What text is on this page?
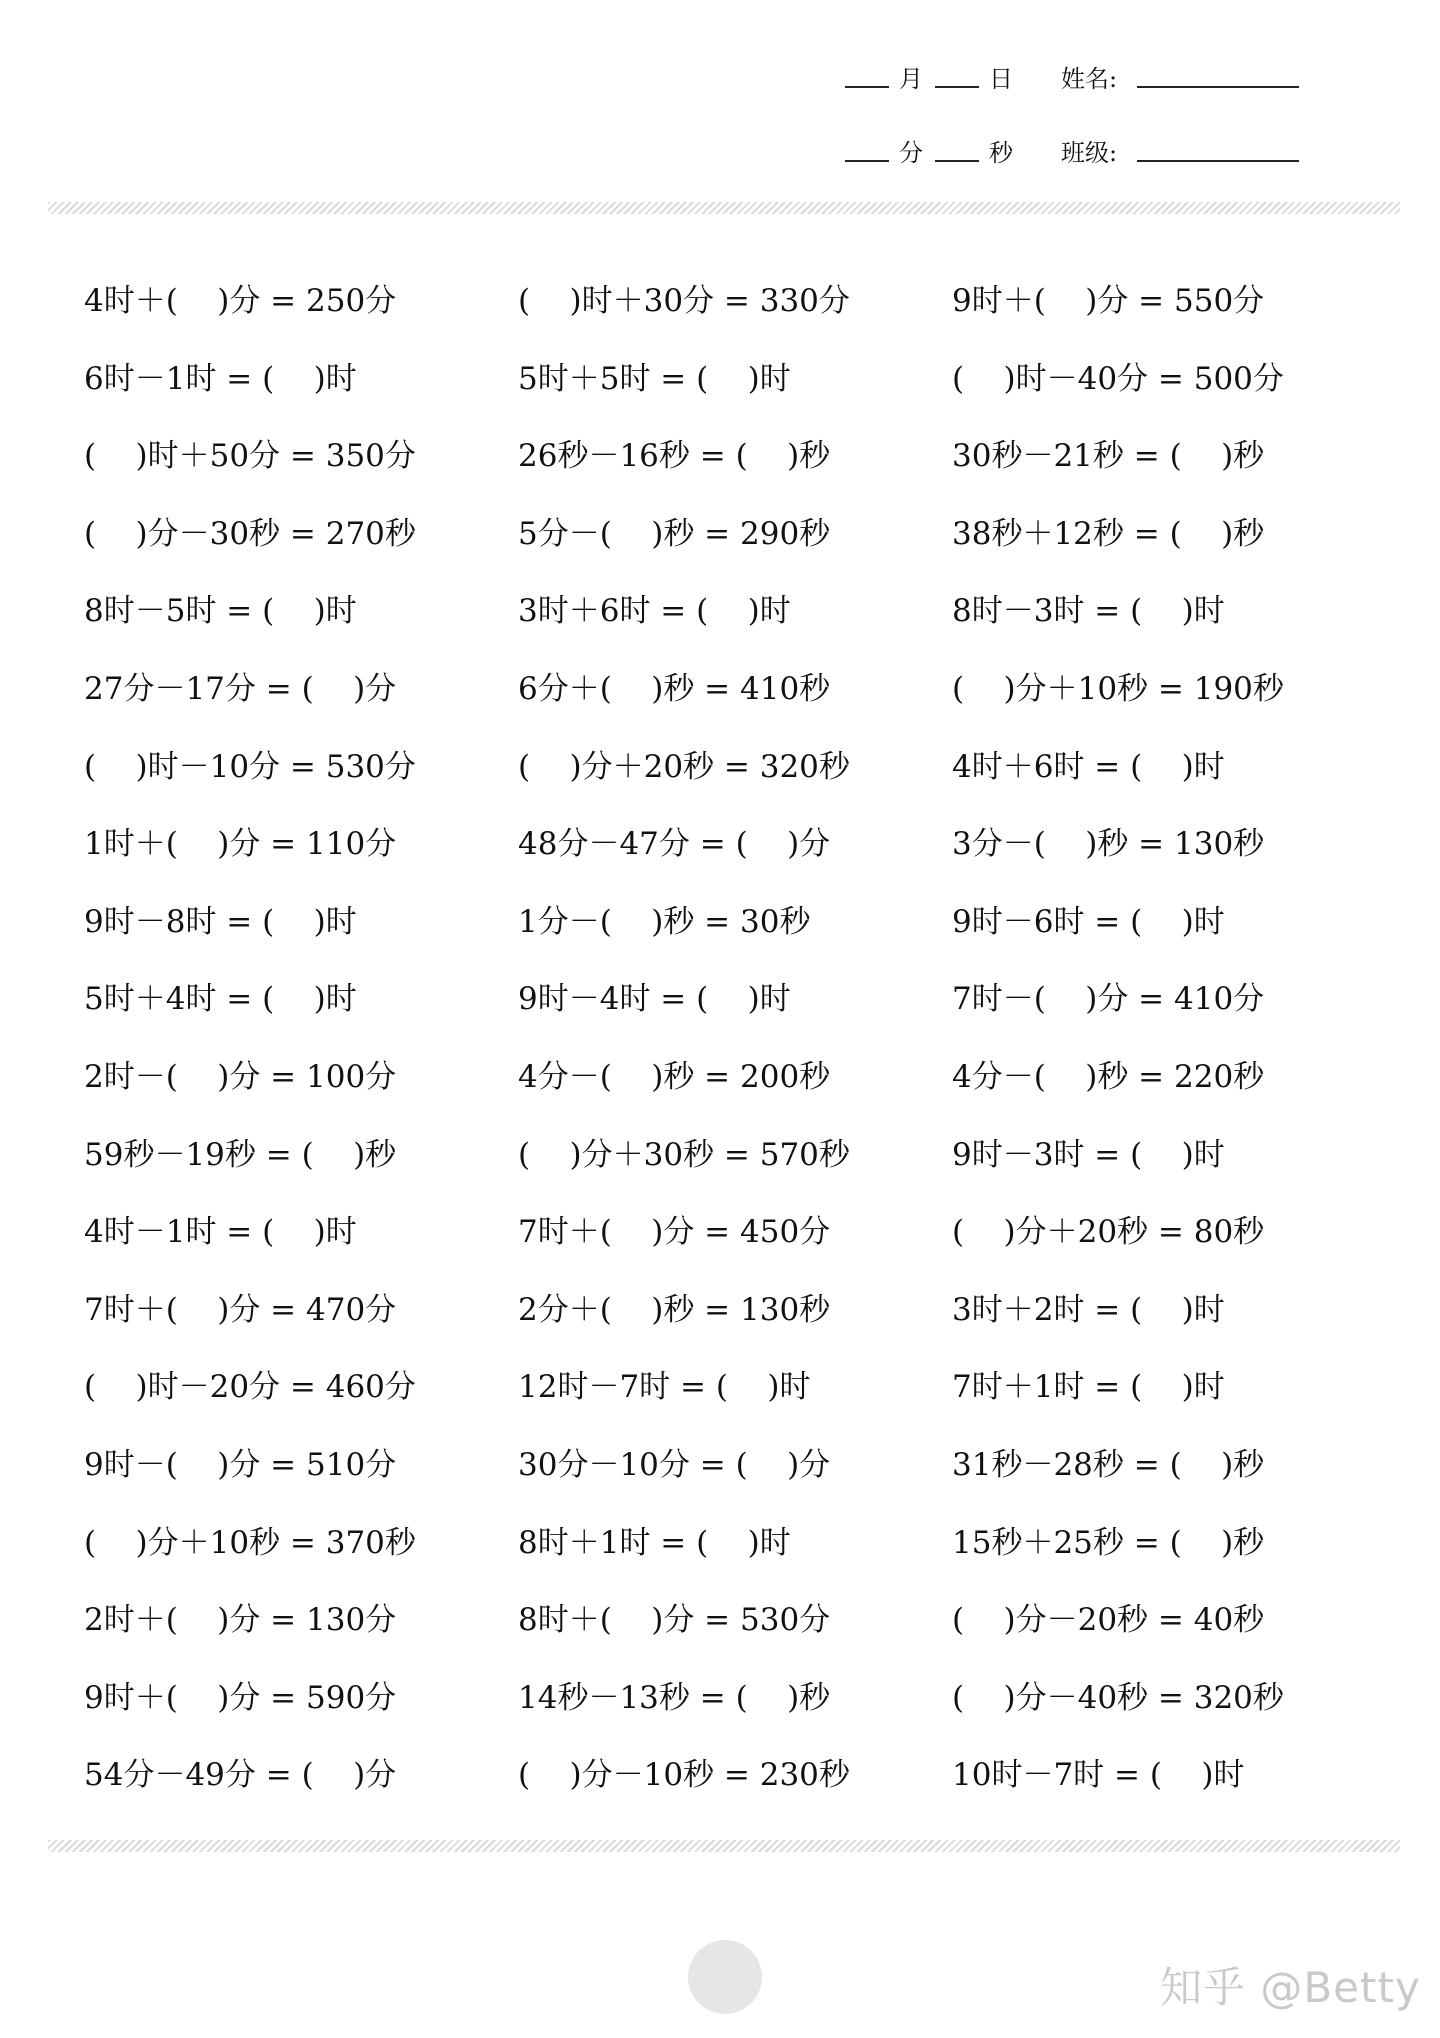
月	日	姓名:
分	秒	班级:
4时＋(    )分 = 250分	(    )时＋30分 = 330分	9时＋(    )分 = 550分
6时－1时 = (    )时	5时＋5时 = (    )时	(    )时－40分 = 500分
(    )时＋50分 = 350分	26秒－16秒 = (    )秒	30秒－21秒 = (    )秒
(    )分－30秒 = 270秒	5分－(    )秒 = 290秒	38秒＋12秒 = (    )秒
8时－5时 = (    )时	3时＋6时 = (    )时	8时－3时 = (    )时
27分－17分 = (    )分	6分＋(    )秒 = 410秒	(    )分＋10秒 = 190秒
(    )时－10分 = 530分	(    )分＋20秒 = 320秒	4时＋6时 = (    )时
1时＋(    )分 = 110分	48分－47分 = (    )分	3分－(    )秒 = 130秒
9时－8时 = (    )时	1分－(    )秒 = 30秒	9时－6时 = (    )时
5时＋4时 = (    )时	9时－4时 = (    )时	7时－(    )分 = 410分
2时－(    )分 = 100分	4分－(    )秒 = 200秒	4分－(    )秒 = 220秒
59秒－19秒 = (    )秒	(    )分＋30秒 = 570秒	9时－3时 = (    )时
4时－1时 = (    )时	7时＋(    )分 = 450分	(    )分＋20秒 = 80秒
7时＋(    )分 = 470分	2分＋(    )秒 = 130秒	3时＋2时 = (    )时
(    )时－20分 = 460分	12时－7时 = (    )时	7时＋1时 = (    )时
9时－(    )分 = 510分	30分－10分 = (    )分	31秒－28秒 = (    )秒
(    )分＋10秒 = 370秒	8时＋1时 = (    )时	15秒＋25秒 = (    )秒
2时＋(    )分 = 130分	8时＋(    )分 = 530分	(    )分－20秒 = 40秒
9时＋(    )分 = 590分	14秒－13秒 = (    )秒	(    )分－40秒 = 320秒
54分－49分 = (    )分	(    )分－10秒 = 230秒	10时－7时 = (    )时
知乎 @Betty
